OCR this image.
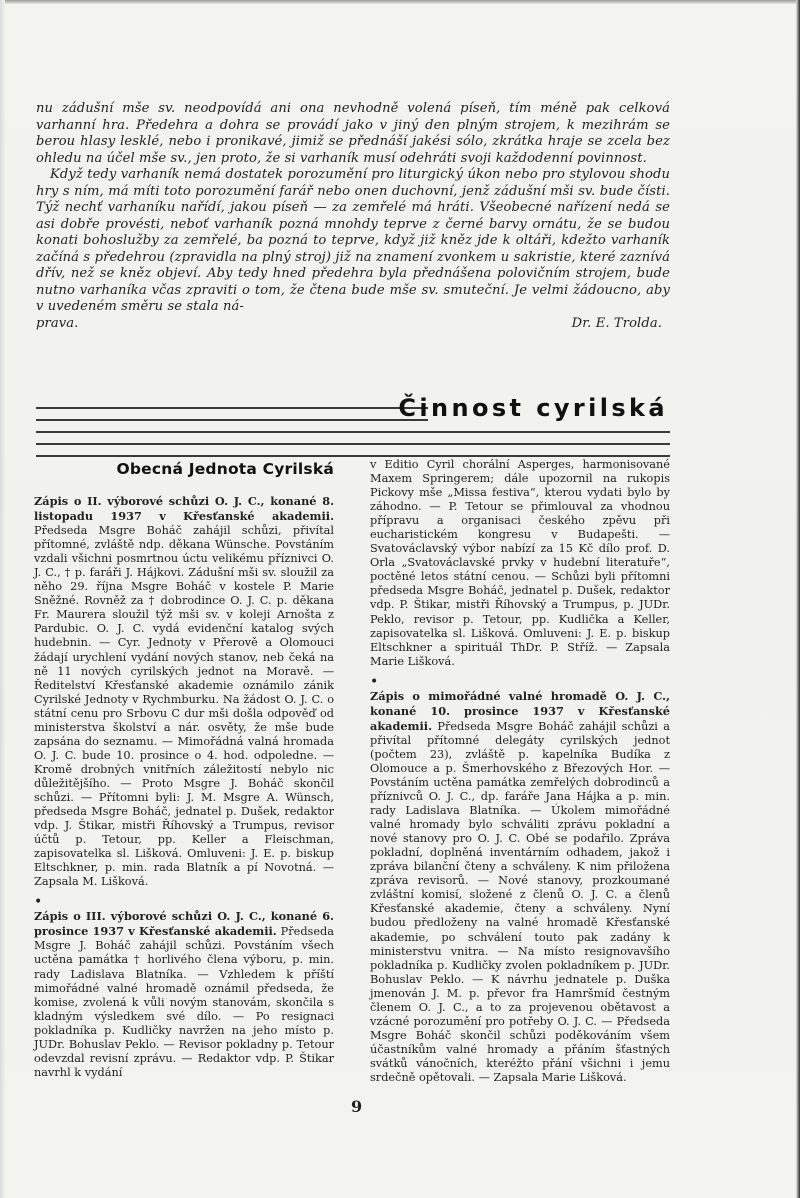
nu zádušní mše sv. neodpovídá ani ona nevhodně volená píseň, tím méně pak celková varhanní hra. Předehra a dohra se provádí jako v jiný den plným strojem, k mezihrám se berou hlasy lesklé, nebo i pronikavé, jimiž se přednáší jakési sólo, zkrátka hraje se zcela bez ohledu na účel mše sv., jen proto, že si varhaník musí odehráti svoji každodenní povinnost.

Když tedy varhaník nemá dostatek porozumění pro liturgický úkon nebo pro stylovou shodu hry s ním, má míti toto porozumění farář nebo onen duchovní, jenž zádušní mši sv. bude čísti. Týž nechť varhaníku nařídí, jakou píseň — za zemřelé má hráti. Všeobecné nařízení nedá se asi dobře provésti, neboť varhaník pozná mnohdy teprve z černé barvy ornátu, že se budou konati bohoslužby za zemřelé, ba pozná to teprve, když již kněz jde k oltáři, kdežto varhaník začíná s předehrou (zpravidla na plný stroj) již na znamení zvonkem u sakristie, které zaznívá dřív, než se kněz objeví. Aby tedy hned předehra byla přednášena polovičním strojem, bude nutno varhaníka včas zpraviti o tom, že čtena bude mše sv. smuteční. Je velmi žádoucno, aby v uvedeném směru se stala ná-

prava.	Dr. E. Trolda.
Činnost cyrilská
Obecná Jednota Cyrilská

Zápis o II. výborové schůzi O. J. C., konané 8. listopadu 1937 v Křesťanské akademii. Předseda Msgre Boháč zahájil schůzi, přivítal přítomné, zvláště ndp. děkana Wünsche. Povstáním vzdali všichni posmrtnou úctu velikému příznivci O. J. C., † p. faráři J. Hájkovi. Zádušní mši sv. sloužil za něho 29. října Msgre Boháč v kostele P. Marie Sněžné. Rovněž za † dobrodince O. J. C. p. děkana Fr. Maurera sloužil týž mši sv. v koleji Arnošta z Pardubic. O. J. C. vydá evidenční katalog svých hudebnin. — Cyr. Jednoty v Přerově a Olomouci žádají urychlení vydání nových stanov, neb čeká na ně 11 nových cyrilských jednot na Moravě. — Ředitelství Křesťanské akademie oznámilo zánik Cyrilské Jednoty v Rychmburku. Na žádost O. J. C. o státní cenu pro Srbovu C dur mši došla odpověď od ministerstva školství a nár. osvěty, že mše bude zapsána do seznamu. — Mimořádná valná hromada O. J. C. bude 10. prosince o 4. hod. odpoledne. — Kromě drobných vnitřních záležitostí nebylo nic důležitějšího. — Proto Msgre J. Boháč skončil schůzi. — Přítomni byli: J. M. Msgre A. Wünsch, předseda Msgre Boháč, jednatel p. Dušek, redaktor vdp. J. Štikar, mistři Říhovský a Trumpus, revisor účtů p. Tetour, pp. Keller a Fleischman, zapisovatelka sl. Lišková. Omluveni: J. E. p. biskup Eltschkner, p. min. rada Blatník a pí Novotná. — Zapsala M. Lišková.

•

Zápis o III. výborové schůzi O. J. C., konané 6. prosince 1937 v Křesťanské akademii. Předseda Msgre J. Boháč zahájil schůzi. Povstáním všech uctěna památka † horlivého člena výboru, p. min. rady Ladislava Blatníka. — Vzhledem k příští mimořádné valné hromadě oznámil předseda, že komise, zvolená k vůli novým stanovám, skončila s kladným výsledkem své dílo. — Po resignaci pokladníka p. Kudličky navržen na jeho místo p. JUDr. Bohuslav Peklo. — Revisor pokladny p. Tetour odevzdal revisní zprávu. — Redaktor vdp. P. Štikar navrhl k vydání

v Editio Cyril chorální Asperges, harmonisované Maxem Springerem; dále upozornil na rukopis Pickovy mše „Missa festiva“, kterou vydati bylo by záhodno. — P. Tetour se přimlouval za vhodnou přípravu a organisaci českého zpěvu při eucharistickém kongresu v Budapešti. — Svatováclavský výbor nabízí za 15 Kč dílo prof. D. Orla „Svatováclavské prvky v hudební literatuře“, poctěné letos státní cenou. — Schůzi byli přítomni předseda Msgre Boháč, jednatel p. Dušek, redaktor vdp. P. Štikar, mistři Říhovský a Trumpus, p. JUDr. Peklo, revisor p. Tetour, pp. Kudlička a Keller, zapisovatelka sl. Lišková. Omluveni: J. E. p. biskup Eltschkner a spirituál ThDr. P. Stříž. — Zapsala Marie Lišková.

•

Zápis o mimořádné valné hromadě O. J. C., konané 10. prosince 1937 v Křesťanské akademii. Předseda Msgre Boháč zahájil schůzi a přivítal přítomné delegáty cyrilských jednot (počtem 23), zvláště p. kapelníka Budíka z Olomouce a p. Šmerhovského z Březových Hor. — Povstáním uctěna památka zemřelých dobrodinců a příznivců O. J. C., dp. faráře Jana Hájka a p. min. rady Ladislava Blatníka. — Úkolem mimořádné valné hromady bylo schváliti zprávu pokladní a nové stanovy pro O. J. C. Obé se podařilo. Zpráva pokladní, doplněná inventárním odhadem, jakož i zpráva bilanční čteny a schváleny. K nim přiložena zpráva revisorů. — Nové stanovy, prozkoumané zvláštní komisí, složené z členů O. J. C. a členů Křesťanské akademie, čteny a schváleny. Nyní budou předloženy na valné hromadě Křesťanské akademie, po schválení touto pak zadány k ministerstvu vnitra. — Na místo resignovavšího pokladníka p. Kudličky zvolen pokladníkem p. JUDr. Bohuslav Peklo. — K návrhu jednatele p. Duška jmenován J. M. p. převor fra Hamršmíd čestným členem O. J. C., a to za projevenou obětavost a vzácné porozumění pro potřeby O. J. C. — Předseda Msgre Boháč skončil schůzi poděkováním všem účastníkům valné hromady a přáním šťastných svátků vánočních, kteréžto přání všichni i jemu srdečně opětovali. — Zapsala Marie Lišková.

9
